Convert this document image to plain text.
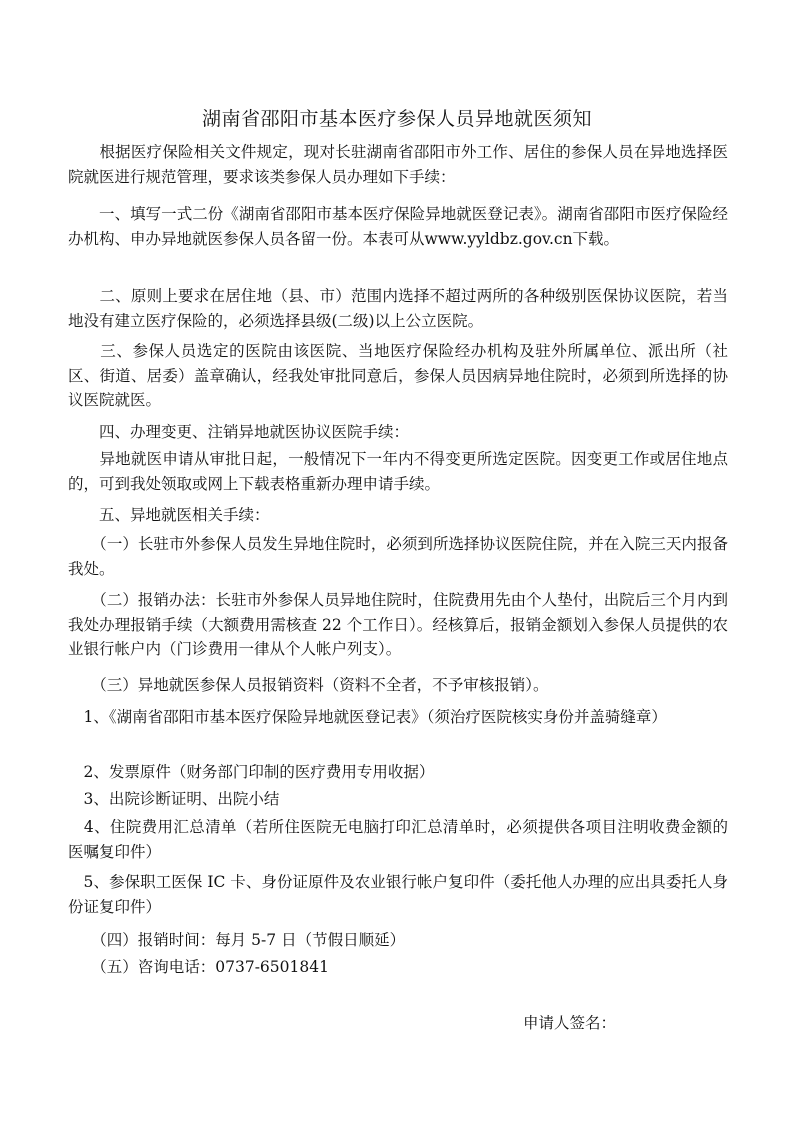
湖南省邵阳市基本医疗参保人员异地就医须知
　　根据医疗保险相关文件规定，现对长驻湖南省邵阳市外工作、居住的参保人员在异地选择医院就医进行规范管理，要求该类参保人员办理如下手续：
　　一、填写一式二份《湖南省邵阳市基本医疗保险异地就医登记表》。湖南省邵阳市医疗保险经办机构、申办异地就医参保人员各留一份。本表可从www.yyldbz.gov.cn下载。
　　二、原则上要求在居住地（县、市）范围内选择不超过两所的各种级别医保协议医院，若当地没有建立医疗保险的，必须选择县级(二级)以上公立医院。
　　三、参保人员选定的医院由该医院、当地医疗保险经办机构及驻外所属单位、派出所（社区、街道、居委）盖章确认，经我处审批同意后，参保人员因病异地住院时，必须到所选择的协议医院就医。
　　四、办理变更、注销异地就医协议医院手续：
　　异地就医申请从审批日起，一般情况下一年内不得变更所选定医院。因变更工作或居住地点的，可到我处领取或网上下载表格重新办理申请手续。
　　五、异地就医相关手续：
　　（一）长驻市外参保人员发生异地住院时，必须到所选择协议医院住院，并在入院三天内报备我处。
　　（二）报销办法：长驻市外参保人员异地住院时，住院费用先由个人垫付，出院后三个月内到我处办理报销手续（大额费用需核查 22 个工作日）。经核算后，报销金额划入参保人员提供的农业银行帐户内（门诊费用一律从个人帐户列支）。
　　（三）异地就医参保人员报销资料（资料不全者，不予审核报销）。
　1、《湖南省邵阳市基本医疗保险异地就医登记表》（须治疗医院核实身份并盖骑缝章）
　2、发票原件（财务部门印制的医疗费用专用收据）
　3、出院诊断证明、出院小结
　4、住院费用汇总清单（若所住医院无电脑打印汇总清单时，必须提供各项目注明收费金额的医嘱复印件）
　5、参保职工医保 IC 卡、身份证原件及农业银行帐户复印件（委托他人办理的应出具委托人身份证复印件）
　　（四）报销时间：每月 5-7 日（节假日顺延）
　　（五）咨询电话：0737-6501841
申请人签名：
